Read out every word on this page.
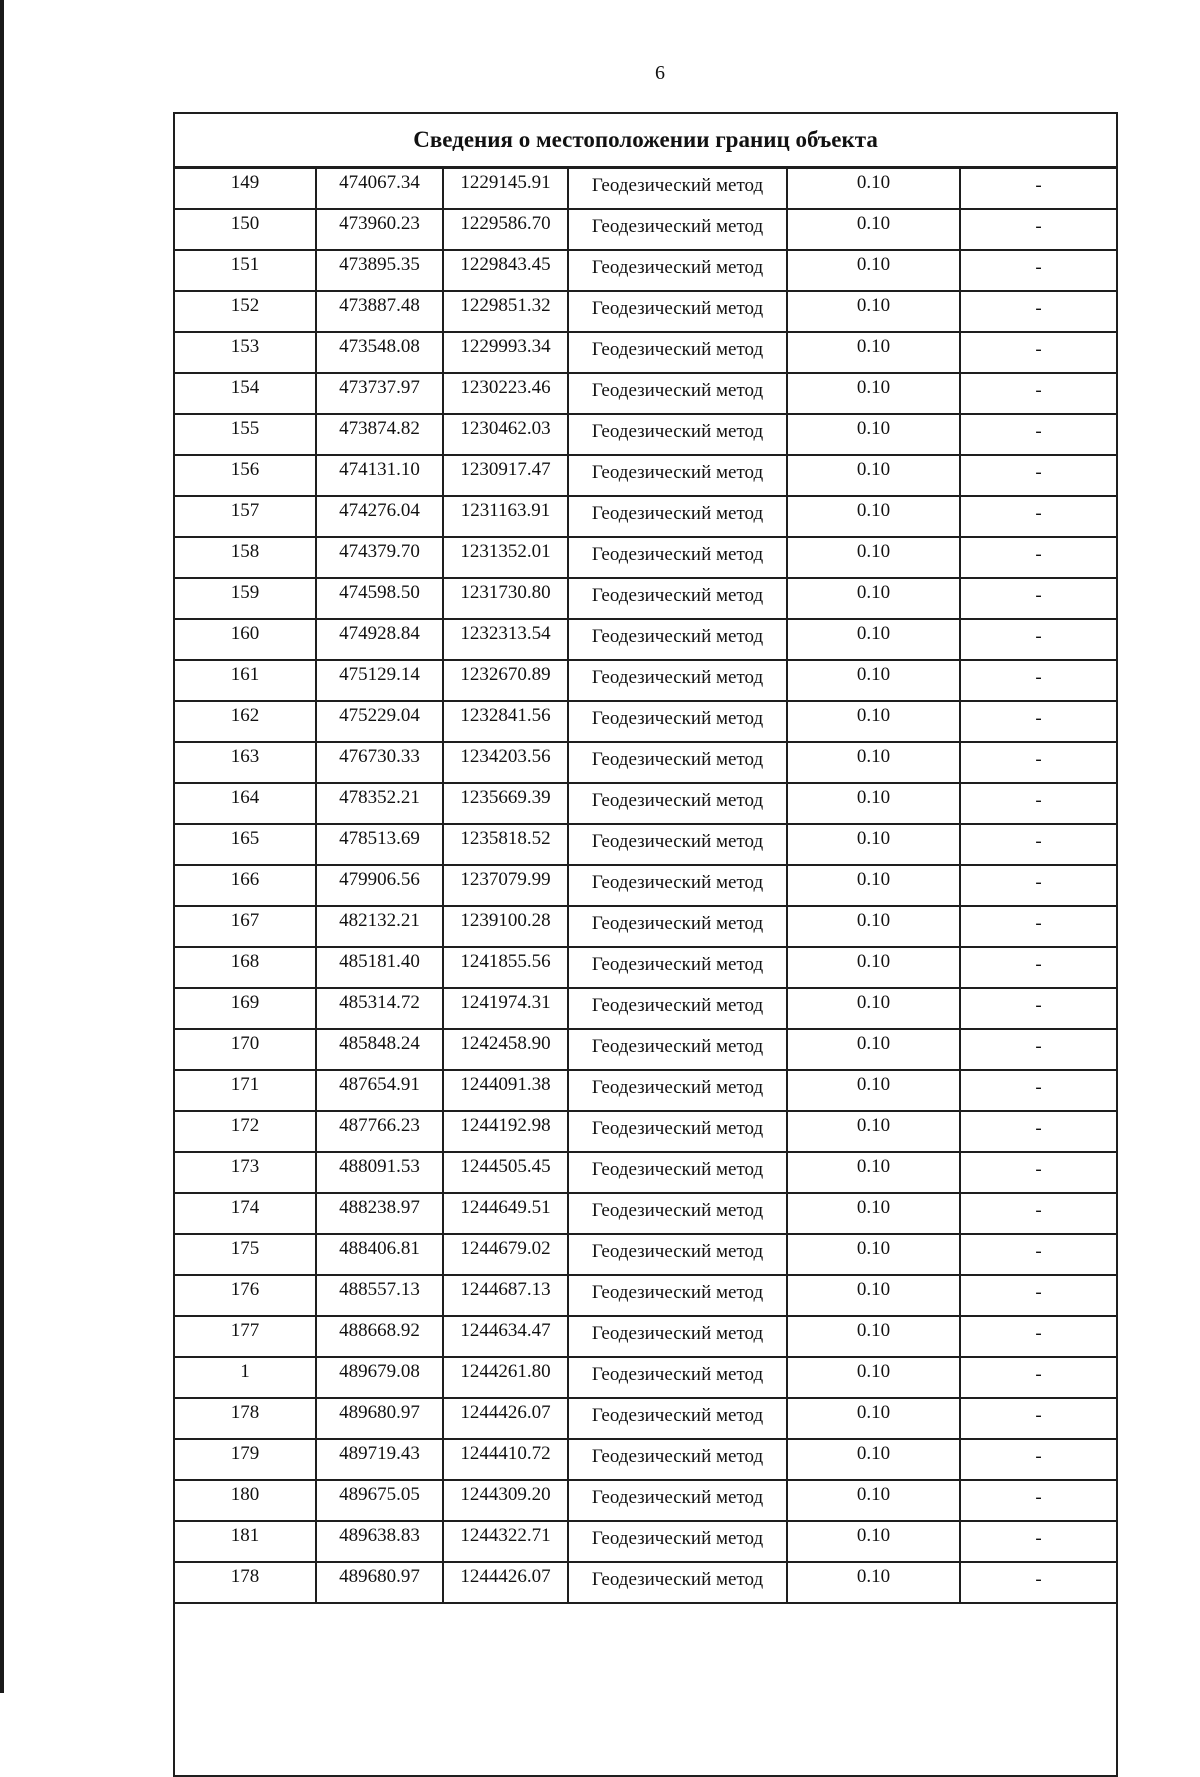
6
Сведения о местоположении границ объекта					
149	474067.34	1229145.91	Геодезический метод	0.10	-
150	473960.23	1229586.70	Геодезический метод	0.10	-
151	473895.35	1229843.45	Геодезический метод	0.10	-
152	473887.48	1229851.32	Геодезический метод	0.10	-
153	473548.08	1229993.34	Геодезический метод	0.10	-
154	473737.97	1230223.46	Геодезический метод	0.10	-
155	473874.82	1230462.03	Геодезический метод	0.10	-
156	474131.10	1230917.47	Геодезический метод	0.10	-
157	474276.04	1231163.91	Геодезический метод	0.10	-
158	474379.70	1231352.01	Геодезический метод	0.10	-
159	474598.50	1231730.80	Геодезический метод	0.10	-
160	474928.84	1232313.54	Геодезический метод	0.10	-
161	475129.14	1232670.89	Геодезический метод	0.10	-
162	475229.04	1232841.56	Геодезический метод	0.10	-
163	476730.33	1234203.56	Геодезический метод	0.10	-
164	478352.21	1235669.39	Геодезический метод	0.10	-
165	478513.69	1235818.52	Геодезический метод	0.10	-
166	479906.56	1237079.99	Геодезический метод	0.10	-
167	482132.21	1239100.28	Геодезический метод	0.10	-
168	485181.40	1241855.56	Геодезический метод	0.10	-
169	485314.72	1241974.31	Геодезический метод	0.10	-
170	485848.24	1242458.90	Геодезический метод	0.10	-
171	487654.91	1244091.38	Геодезический метод	0.10	-
172	487766.23	1244192.98	Геодезический метод	0.10	-
173	488091.53	1244505.45	Геодезический метод	0.10	-
174	488238.97	1244649.51	Геодезический метод	0.10	-
175	488406.81	1244679.02	Геодезический метод	0.10	-
176	488557.13	1244687.13	Геодезический метод	0.10	-
177	488668.92	1244634.47	Геодезический метод	0.10	-
1	489679.08	1244261.80	Геодезический метод	0.10	-
178	489680.97	1244426.07	Геодезический метод	0.10	-
179	489719.43	1244410.72	Геодезический метод	0.10	-
180	489675.05	1244309.20	Геодезический метод	0.10	-
181	489638.83	1244322.71	Геодезический метод	0.10	-
178	489680.97	1244426.07	Геодезический метод	0.10	-
